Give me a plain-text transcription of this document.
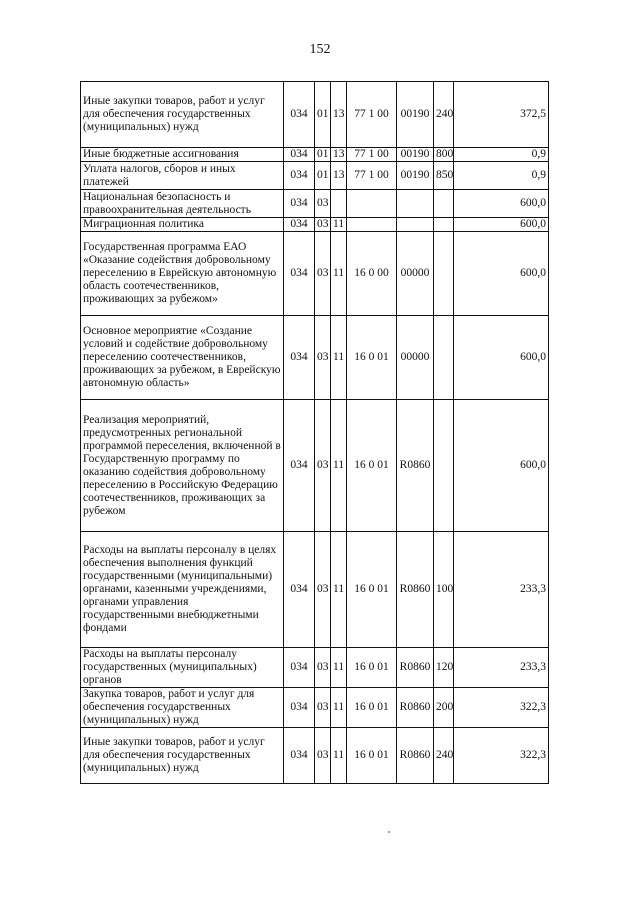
152
Иные закупки товаров, работ и услуг для обеспечения государственных (муниципальных) нужд	034	01	13	77 1 00	00190	240	372,5
Иные бюджетные ассигнования	034	01	13	77 1 00	00190	800	0,9
Уплата налогов, сборов и иных платежей	034	01	13	77 1 00	00190	850	0,9
Национальная безопасность и правоохранительная деятельность	034	03					600,0
Миграционная политика	034	03	11				600,0
Государственная программа ЕАО «Оказание содействия добровольному переселению в Еврейскую автономную область соотечественников, проживающих за рубежом»	034	03	11	16 0 00	00000		600,0
Основное мероприятие «Создание условий и содействие добровольному переселению соотечественников, проживающих за рубежом, в Еврейскую автономную область»	034	03	11	16 0 01	00000		600,0
Реализация мероприятий, предусмотренных региональной программой переселения, включенной в Государственную программу по оказанию содействия добровольному переселению в Российскую Федерацию соотечественников, проживающих за рубежом	034	03	11	16 0 01	R0860		600,0
Расходы на выплаты персоналу в целях обеспечения выполнения функций государственными (муниципальными) органами, казенными учреждениями, органами управления государственными внебюджетными фондами	034	03	11	16 0 01	R0860	100	233,3
Расходы на выплаты персоналу государственных (муниципальных) органов	034	03	11	16 0 01	R0860	120	233,3
Закупка товаров, работ и услуг для обеспечения государственных (муниципальных) нужд	034	03	11	16 0 01	R0860	200	322,3
Иные закупки товаров, работ и услуг для обеспечения государственных (муниципальных) нужд	034	03	11	16 0 01	R0860	240	322,3
